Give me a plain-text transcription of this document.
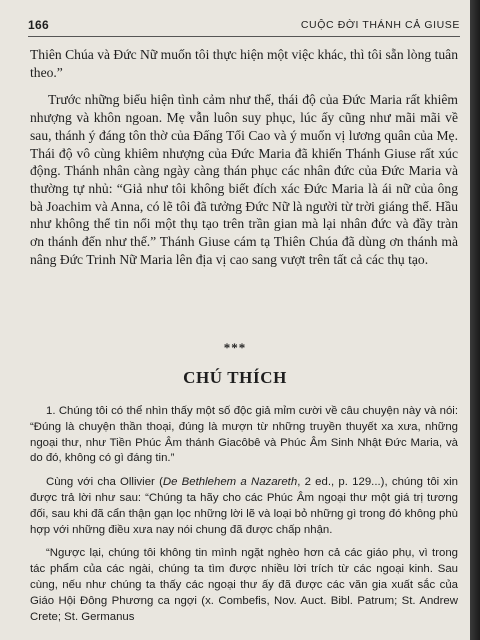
166	CUỘC ĐỜI THÁNH CẢ GIUSE

Thiên Chúa và Đức Nữ muốn tôi thực hiện một việc khác, thì tôi sẵn lòng tuân theo.”

Trước những biểu hiện tình cảm như thế, thái độ của Đức Maria rất khiêm nhượng và khôn ngoan. Mẹ vẫn luôn suy phục, lúc ấy cũng như mãi mãi về sau, thánh ý đáng tôn thờ của Đấng Tối Cao và ý muốn vị lương quân của Mẹ. Thái độ vô cùng khiêm nhượng của Đức Maria đã khiến Thánh Giuse rất xúc động. Thánh nhân càng ngày càng thán phục các nhân đức của Đức Maria và thường tự nhủ: “Giả như tôi không biết đích xác Đức Maria là ái nữ của ông bà Joachim và Anna, có lẽ tôi đã tưởng Đức Nữ là người từ trời giáng thế. Hầu như không thể tin nổi một thụ tạo trên trần gian mà lại nhân đức và đầy tràn ơn thánh đến như thế.” Thánh Giuse cám tạ Thiên Chúa đã dùng ơn thánh mà nâng Đức Trinh Nữ Maria lên địa vị cao sang vượt trên tất cả các thụ tạo.

***
CHÚ THÍCH

1. Chúng tôi có thể nhìn thấy một số độc giả mỉm cười về câu chuyện này và nói: “Đúng là chuyện thần thoại, đúng là mượn từ những truyền thuyết xa xưa, những ngoại thư, như Tiền Phúc Âm thánh Giacôbê và Phúc Âm Sinh Nhật Đức Maria, và do đó, không có gì đáng tin.”

Cùng với cha Ollivier (De Bethlehem a Nazareth, 2 ed., p. 129...), chúng tôi xin được trả lời như sau: “Chúng ta hãy cho các Phúc Âm ngoại thư một giá trị tương đối, sau khi đã cẩn thận gạn lọc những lời lẽ và loại bỏ những gì trong đó không phù hợp với những điều xưa nay nói chung đã được chấp nhận.

“Ngược lại, chúng tôi không tin mình ngặt nghèo hơn cả các giáo phụ, vì trong tác phẩm của các ngài, chúng ta tìm được nhiều lời trích từ các ngoại kinh. Sau cùng, nếu như chúng ta thấy các ngoại thư ấy đã được các văn gia xuất sắc của Giáo Hội Đông Phương ca ngợi (x. Combefis, Nov. Auct. Bibl. Patrum; St. Andrew Crete; St. Germanus
